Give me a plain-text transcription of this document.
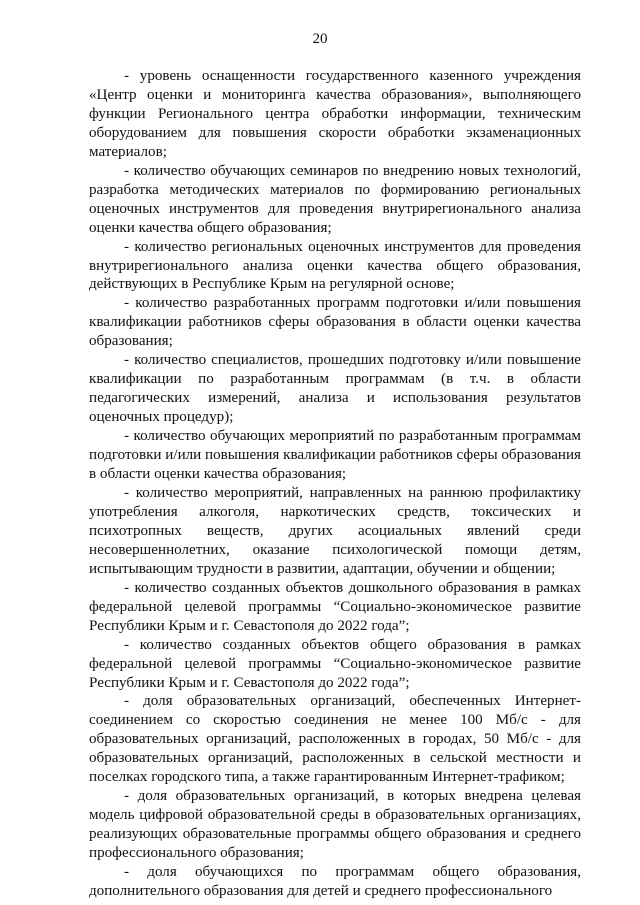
20

- уровень оснащенности государственного казенного учреждения «Центр оценки и мониторинга качества образования», выполняющего функции Регионального центра обработки информации, техническим оборудованием для повышения скорости обработки экзаменационных материалов;

- количество обучающих семинаров по внедрению новых технологий, разработка методических материалов по формированию региональных оценочных инструментов для проведения внутрирегионального анализа оценки качества общего образования;

- количество региональных оценочных инструментов для проведения внутрирегионального анализа оценки качества общего образования, действующих в Республике Крым на регулярной основе;

- количество разработанных программ подготовки и/или повышения квалификации работников сферы образования в области оценки качества образования;

- количество специалистов, прошедших подготовку и/или повышение квалификации по разработанным программам (в т.ч. в области педагогических измерений, анализа и использования результатов оценочных процедур);

- количество обучающих мероприятий по разработанным программам подготовки и/или повышения квалификации работников сферы образования в области оценки качества образования;

- количество мероприятий, направленных на раннюю профилактику употребления алкоголя, наркотических средств, токсических и психотропных веществ, других асоциальных явлений среди несовершеннолетних, оказание психологической помощи детям, испытывающим трудности в развитии, адаптации, обучении и общении;

- количество созданных объектов дошкольного образования в рамках федеральной целевой программы “Социально-экономическое развитие Республики Крым и г. Севастополя до 2022 года”;

- количество созданных объектов общего образования в рамках федеральной целевой программы “Социально-экономическое развитие Республики Крым и г. Севастополя до 2022 года”;

- доля образовательных организаций, обеспеченных Интернет-соединением со скоростью соединения не менее 100 Мб/с - для образовательных организаций, расположенных в городах, 50 Мб/с - для образовательных организаций, расположенных в сельской местности и поселках городского типа, а также гарантированным Интернет-трафиком;

- доля образовательных организаций, в которых внедрена целевая модель цифровой образовательной среды в образовательных организациях, реализующих образовательные программы общего образования и среднего профессионального образования;

- доля обучающихся по программам общего образования, дополнительного образования для детей и среднего профессионального
